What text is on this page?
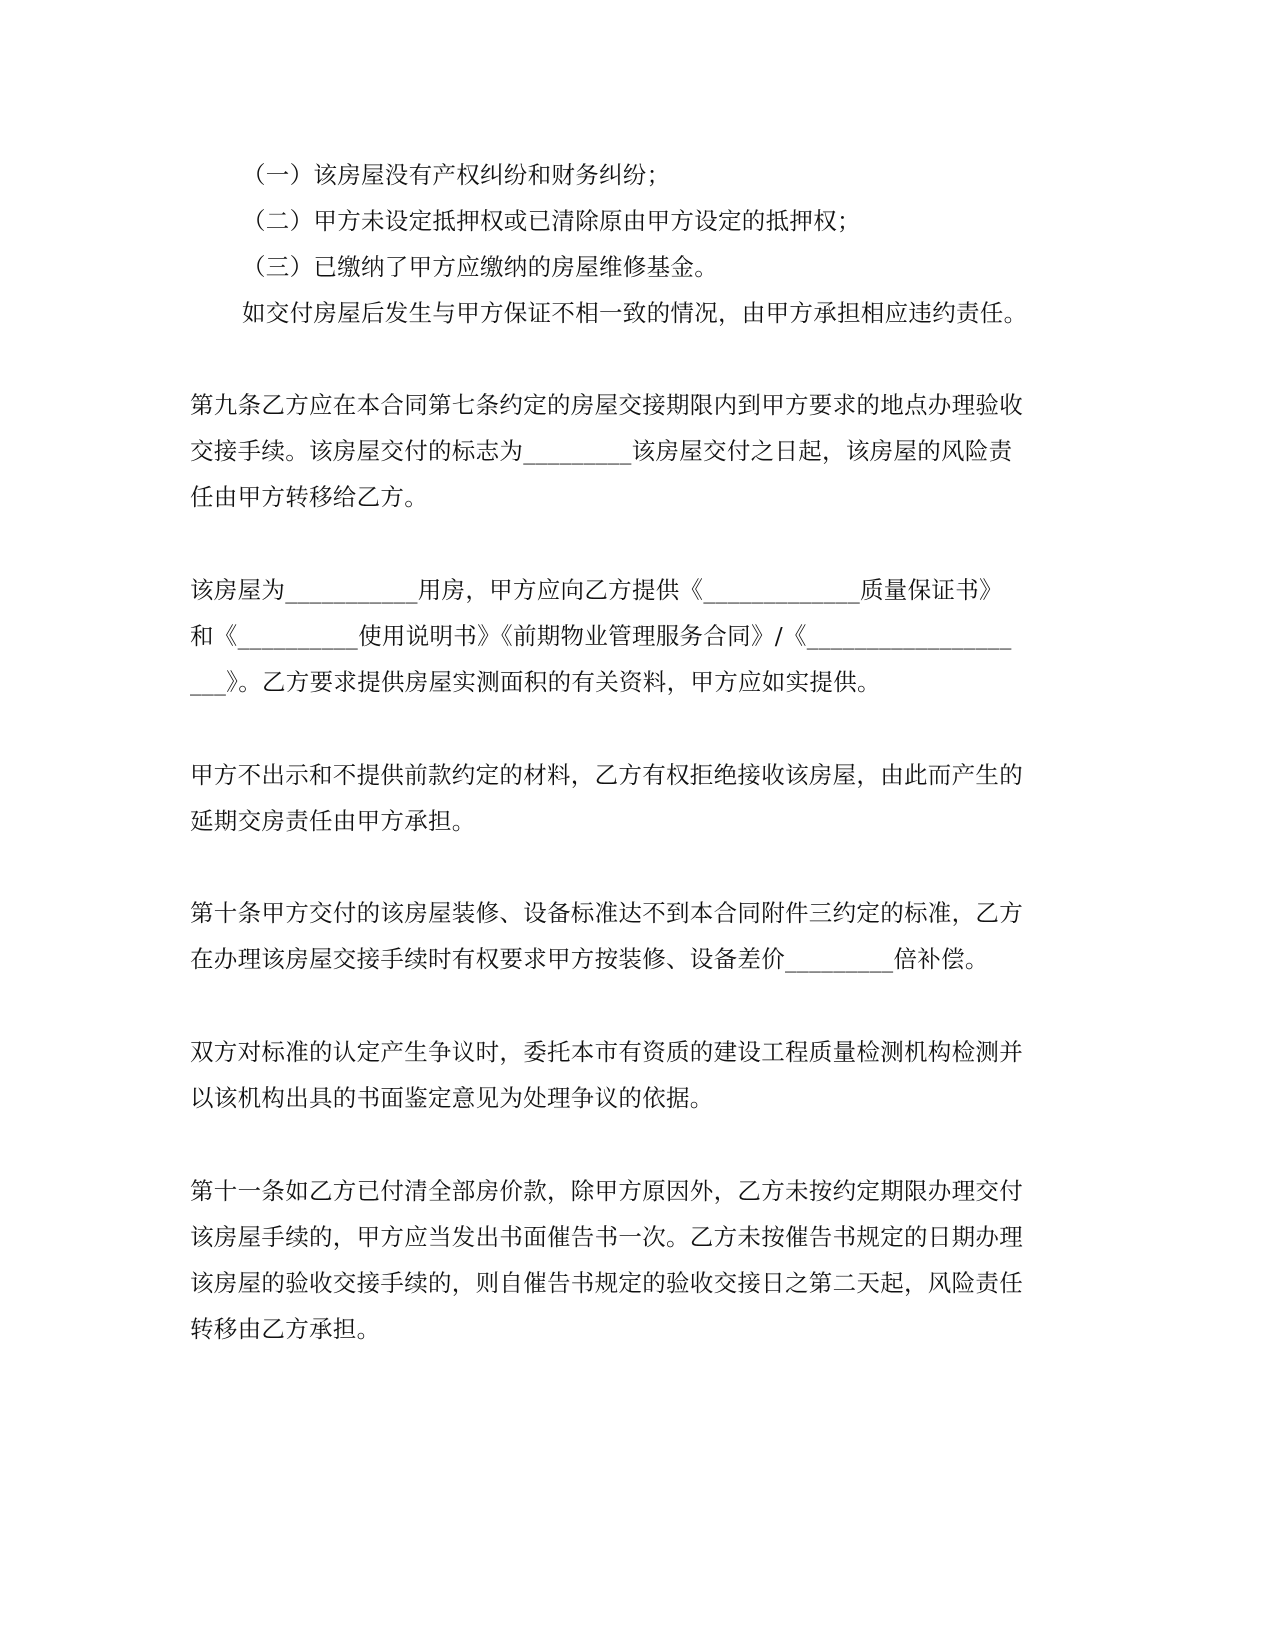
（一）该房屋没有产权纠纷和财务纠纷；
（二）甲方未设定抵押权或已清除原由甲方设定的抵押权；
（三）已缴纳了甲方应缴纳的房屋维修基金。
如交付房屋后发生与甲方保证不相一致的情况，由甲方承担相应违约责任。
第九条乙方应在本合同第七条约定的房屋交接期限内到甲方要求的地点办理验收
交接手续。该房屋交付的标志为_________该房屋交付之日起，该房屋的风险责
任由甲方转移给乙方。
该房屋为___________用房，甲方应向乙方提供《_____________质量保证书》
和《__________使用说明书》《前期物业管理服务合同》/《_________________
___》。乙方要求提供房屋实测面积的有关资料，甲方应如实提供。
甲方不出示和不提供前款约定的材料，乙方有权拒绝接收该房屋，由此而产生的
延期交房责任由甲方承担。
第十条甲方交付的该房屋装修、设备标准达不到本合同附件三约定的标准，乙方
在办理该房屋交接手续时有权要求甲方按装修、设备差价_________倍补偿。
双方对标准的认定产生争议时，委托本市有资质的建设工程质量检测机构检测并
以该机构出具的书面鉴定意见为处理争议的依据。
第十一条如乙方已付清全部房价款，除甲方原因外，乙方未按约定期限办理交付
该房屋手续的，甲方应当发出书面催告书一次。乙方未按催告书规定的日期办理
该房屋的验收交接手续的，则自催告书规定的验收交接日之第二天起，风险责任
转移由乙方承担。
